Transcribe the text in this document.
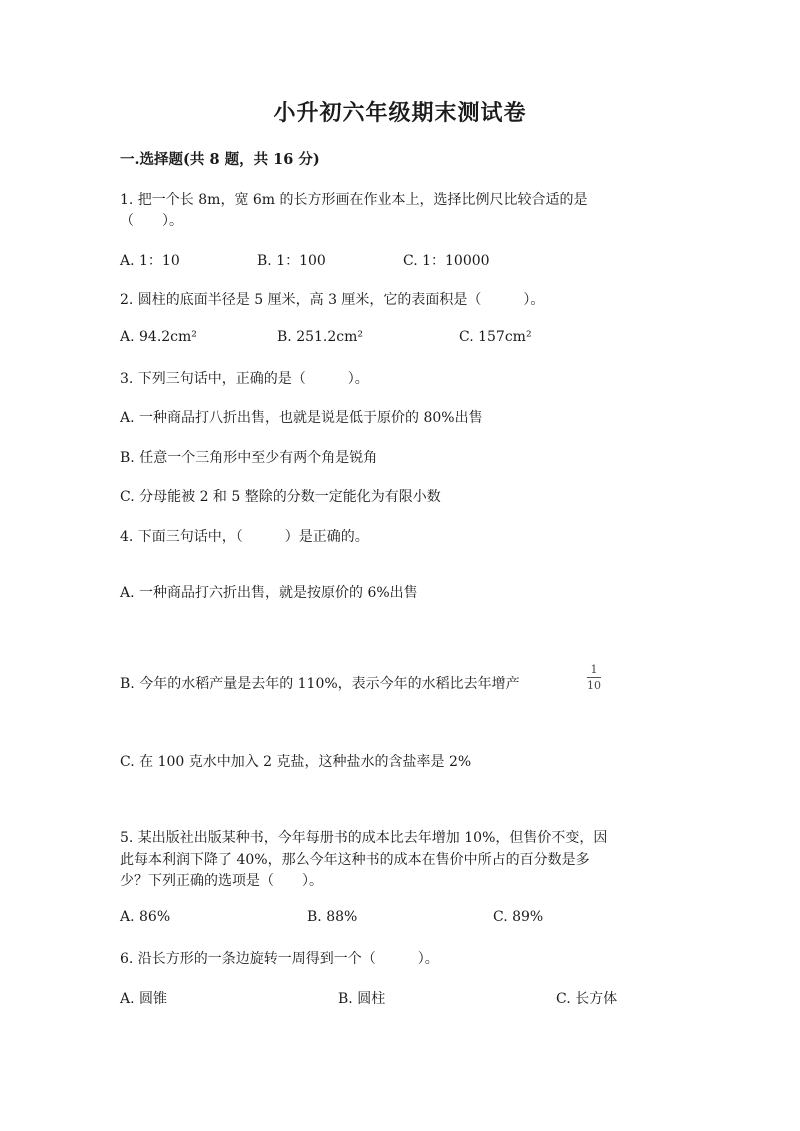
小升初六年级期末测试卷
一.选择题(共 8 题，共 16 分)
1. 把一个长 8m，宽 6m 的长方形画在作业本上，选择比例尺比较合适的是
（　　）。
A. 1：10	B. 1：100	C. 1：10000
2. 圆柱的底面半径是 5 厘米，高 3 厘米，它的表面积是（　　　）。
A. 94.2cm²	B. 251.2cm²	C. 157cm²
3. 下列三句话中，正确的是（　　　）。
A. 一种商品打八折出售，也就是说是低于原价的 80%出售
B. 任意一个三角形中至少有两个角是锐角
C. 分母能被 2 和 5 整除的分数一定能化为有限小数
4. 下面三句话中，（　　　）是正确的。
A. 一种商品打六折出售，就是按原价的 6%出售
B. 今年的水稻产量是去年的 110%，表示今年的水稻比去年增产
1
10
C. 在 100 克水中加入 2 克盐，这种盐水的含盐率是 2%
5. 某出版社出版某种书，今年每册书的成本比去年增加 10%，但售价不变，因
此每本利润下降了 40%，那么今年这种书的成本在售价中所占的百分数是多
少？下列正确的选项是（　　）。
A. 86%	B. 88%	C. 89%
6. 沿长方形的一条边旋转一周得到一个（　　　）。
A. 圆锥	B. 圆柱	C. 长方体
